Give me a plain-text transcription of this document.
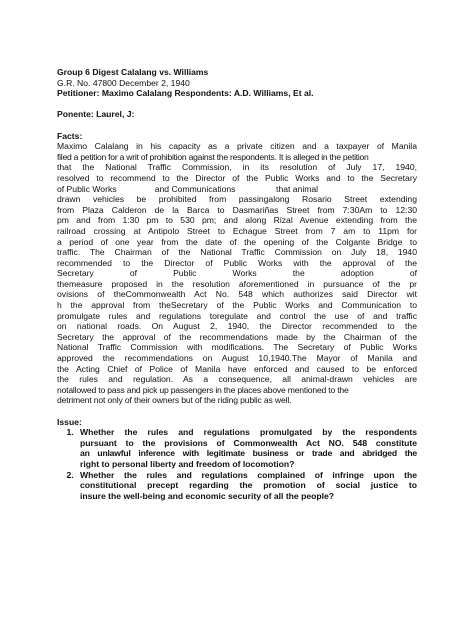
Group 6 Digest Calalang vs. Williams
G.R. No. 47800 December 2, 1940
Petitioner: Maximo Calalang Respondents: A.D. Williams, Et al.
Ponente: Laurel, J:
Facts:
Maximo Calalang in his capacity as a private citizen and a taxpayer of Manila
filed a petition for a writ of prohibition against the respondents. It is alleged in the petition
that the National Traffic Commission, in its resolution of July 17, 1940,
resolved to recommend to the Director of the Public Works and to the Secretary
of Public Works                and Communications                 that animal
drawn vehicles be prohibited from passingalong Rosario Street extending
from Plaza Calderon de la Barca to Dasmariñas Street from 7:30Am to 12:30
pm and from 1:30 pm to 530 pm; and along Rizal Avenue extending from the
railroad crossing at Antipolo Street to Echague Street from 7 am to 11pm for
a period of one year from the date of the opening of the Colgante Bridge to
traffic. The Chairman of the National Traffic Commission on July 18, 1940
recommended to the Director of Public Works with the approval of the
Secretary of Public Works the adoption of
themeasure proposed in the resolution aforementioned in pursuance of the pr
ovisions of theCommonwealth Act No. 548 which authorizes said Director wit
h the approval from theSecretary of the Public Works and Communication to
promulgate rules and regulations toregulate and control the use of and traffic
on national roads. On August 2, 1940, the Director recommended to the
Secretary the approval of the recommendations made by the Chairman of the
National Traffic Commission with modifications. The Secretary of Public Works
approved the recommendations on August 10,1940.The Mayor of Manila and
the Acting Chief of Police of Manila have enforced and caused to be enforced
the rules and regulation. As a consequence, all animal-drawn vehicles are
notallowed to pass and pick up passengers in the places above mentioned to the
detriment not only of their owners but of the riding public as well.
Issue:
1. Whether the rules and regulations promulgated by the respondents
pursuant to the provisions of Commonwealth Act NO. 548 constitute
an unlawful inference with legitimate business or trade and abridged the
right to personal liberty and freedom of locomotion?
2. Whether the rules and regulations complained of infringe upon the
constitutional precept regarding the promotion of social justice to
insure the well-being and economic security of all the people?
